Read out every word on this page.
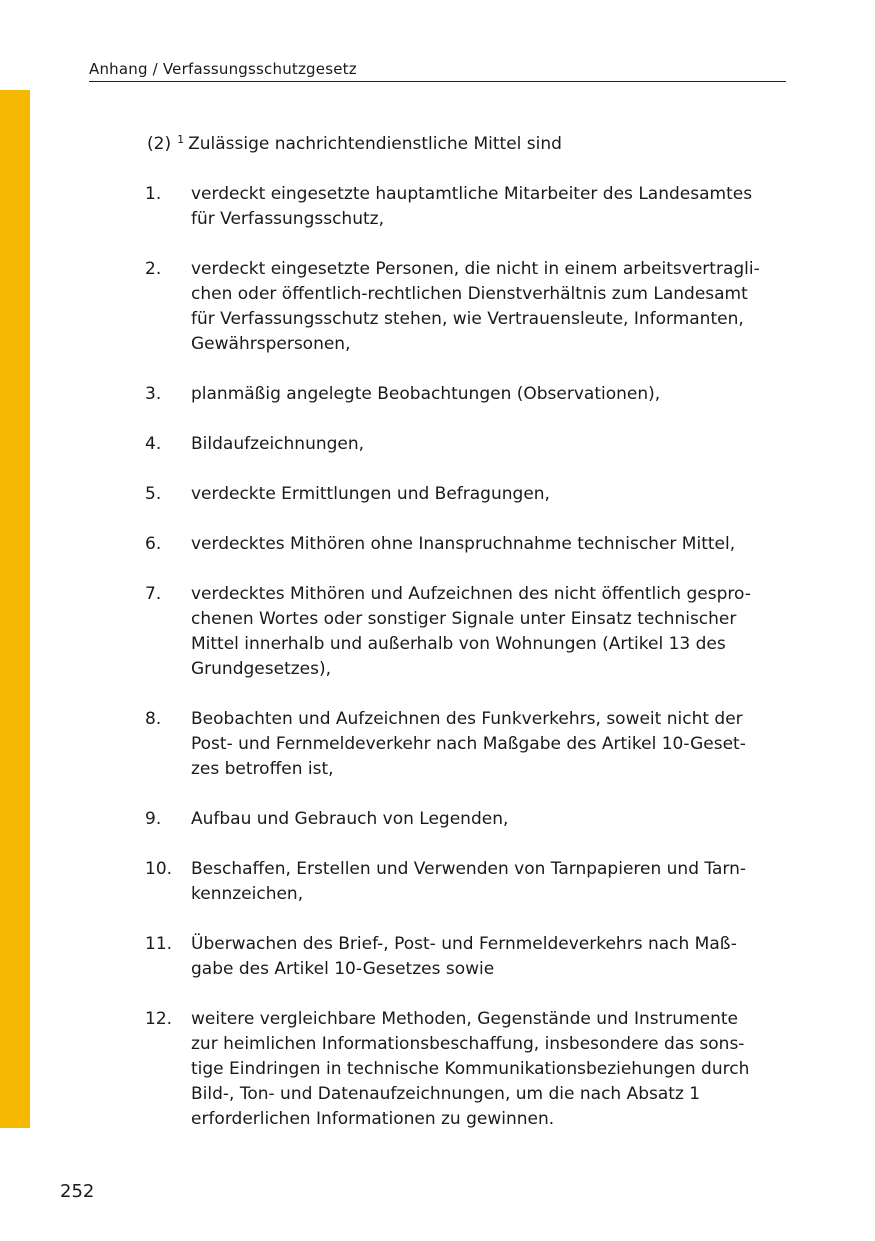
Anhang / Verfassungsschutzgesetz
(2) $^1$ Zulässige nachrichtendienstliche Mittel sind
1.	verdeckt eingesetzte hauptamtliche Mitarbeiter des Landesamtes
für Verfassungsschutz,
2.	verdeckt eingesetzte Personen, die nicht in einem arbeitsvertragli-
chen oder öffentlich-rechtlichen Dienstverhältnis zum Landesamt
für Verfassungsschutz stehen, wie Vertrauensleute, Informanten,
Gewährspersonen,
3.	planmäßig angelegte Beobachtungen (Observationen),
4.	Bildaufzeichnungen,
5.	verdeckte Ermittlungen und Befragungen,
6.	verdecktes Mithören ohne Inanspruchnahme technischer Mittel,
7.	verdecktes Mithören und Aufzeichnen des nicht öffentlich gespro-
chenen Wortes oder sonstiger Signale unter Einsatz technischer
Mittel innerhalb und außerhalb von Wohnungen (Artikel 13 des
Grundgesetzes),
8.	Beobachten und Aufzeichnen des Funkverkehrs, soweit nicht der
Post- und Fernmeldeverkehr nach Maßgabe des Artikel 10-Geset-
zes betroffen ist,
9.	Aufbau und Gebrauch von Legenden,
10.	Beschaffen, Erstellen und Verwenden von Tarnpapieren und Tarn-
kennzeichen,
11.	Überwachen des Brief-, Post- und Fernmeldeverkehrs nach Maß-
gabe des Artikel 10-Gesetzes sowie
12.	weitere vergleichbare Methoden, Gegenstände und Instrumente
zur heimlichen Informationsbeschaffung, insbesondere das sons-
tige Eindringen in technische Kommunikationsbeziehungen durch
Bild-, Ton- und Datenaufzeichnungen, um die nach Absatz 1
erforderlichen Informationen zu gewinnen.
252
